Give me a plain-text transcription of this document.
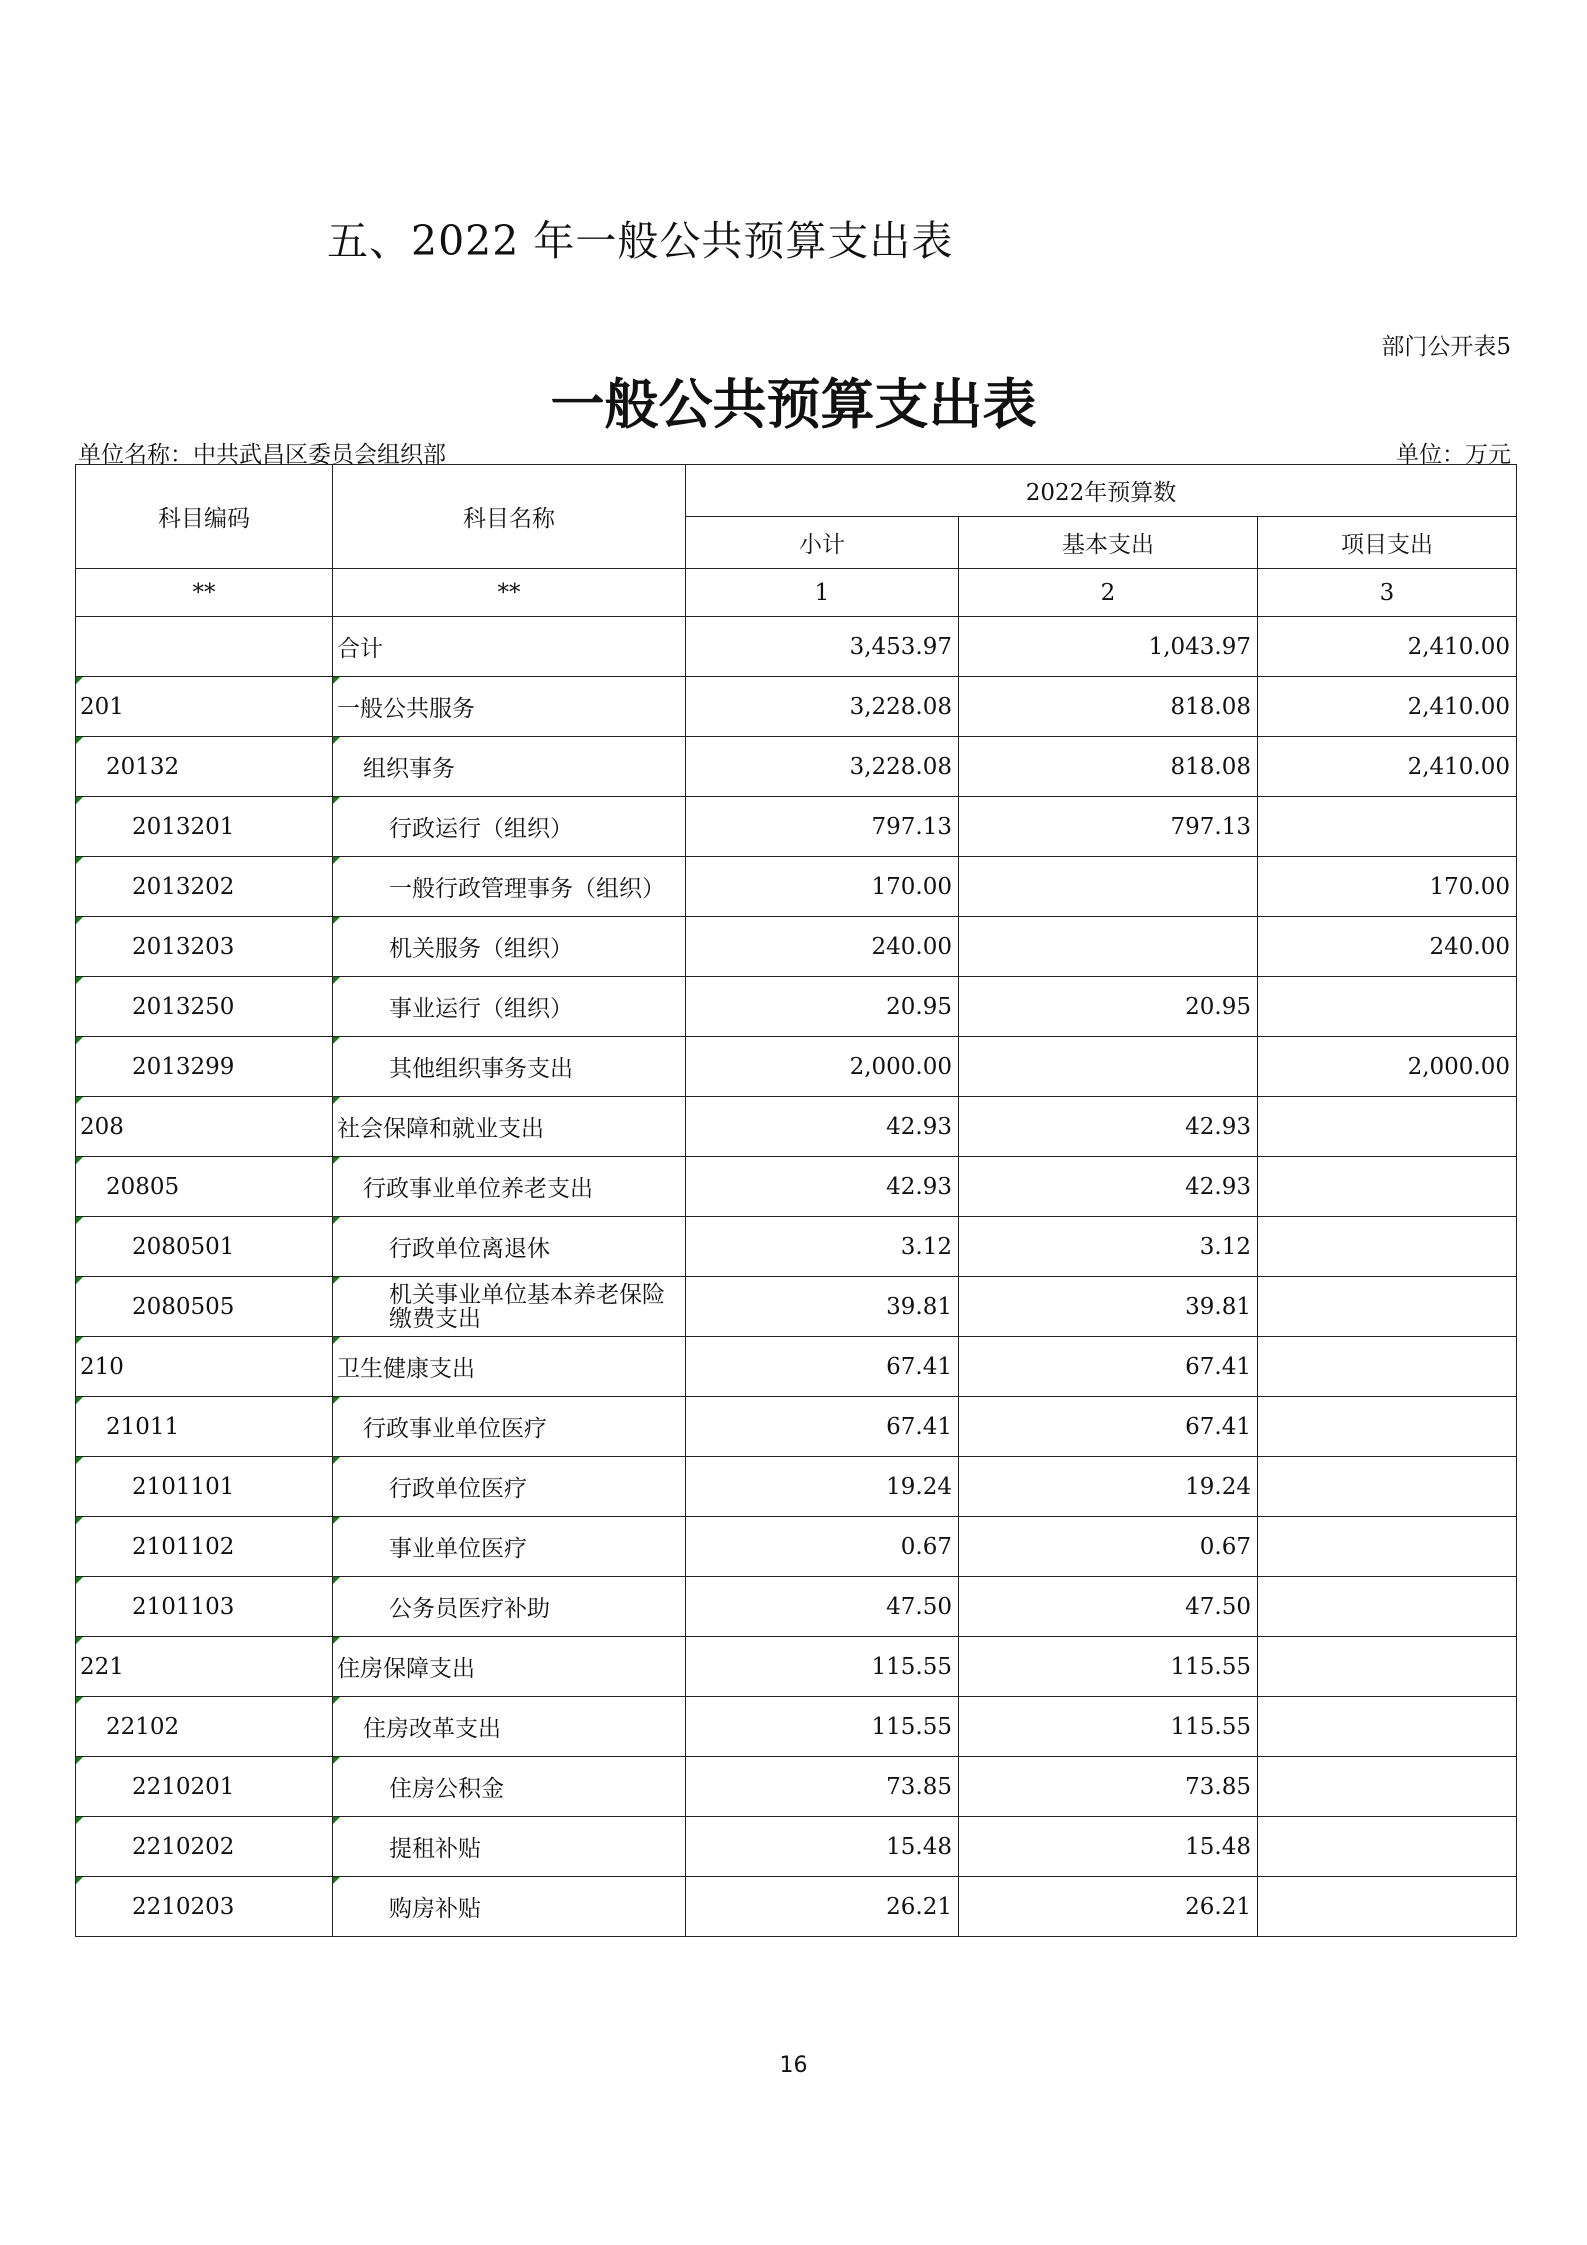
五、2022 年一般公共预算支出表
部门公开表5
一般公共预算支出表
单位名称：中共武昌区委员会组织部	单位：万元
科目编码	科目名称	2022年预算数		
		小计	基本支出	项目支出
**	**	1	2	3
	合计	3,453.97	1,043.97	2,410.00

201	一般公共服务	3,228.08	818.08	2,410.00

20132	组织事务	3,228.08	818.08	2,410.00

2013201	行政运行（组织）	797.13	797.13	

2013202	一般行政管理事务（组织）	170.00		170.00

2013203	机关服务（组织）	240.00		240.00

2013250	事业运行（组织）	20.95	20.95	

2013299	其他组织事务支出	2,000.00		2,000.00

208	社会保障和就业支出	42.93	42.93	

20805	行政事业单位养老支出	42.93	42.93	

2080501	行政单位离退休	3.12	3.12	

2080505	机关事业单位基本养老保险缴费支出	39.81	39.81	

210	卫生健康支出	67.41	67.41	

21011	行政事业单位医疗	67.41	67.41	

2101101	行政单位医疗	19.24	19.24	

2101102	事业单位医疗	0.67	0.67	

2101103	公务员医疗补助	47.50	47.50	

221	住房保障支出	115.55	115.55	

22102	住房改革支出	115.55	115.55	

2210201	住房公积金	73.85	73.85	

2210202	提租补贴	15.48	15.48	

2210203	购房补贴	26.21	26.21	
16
